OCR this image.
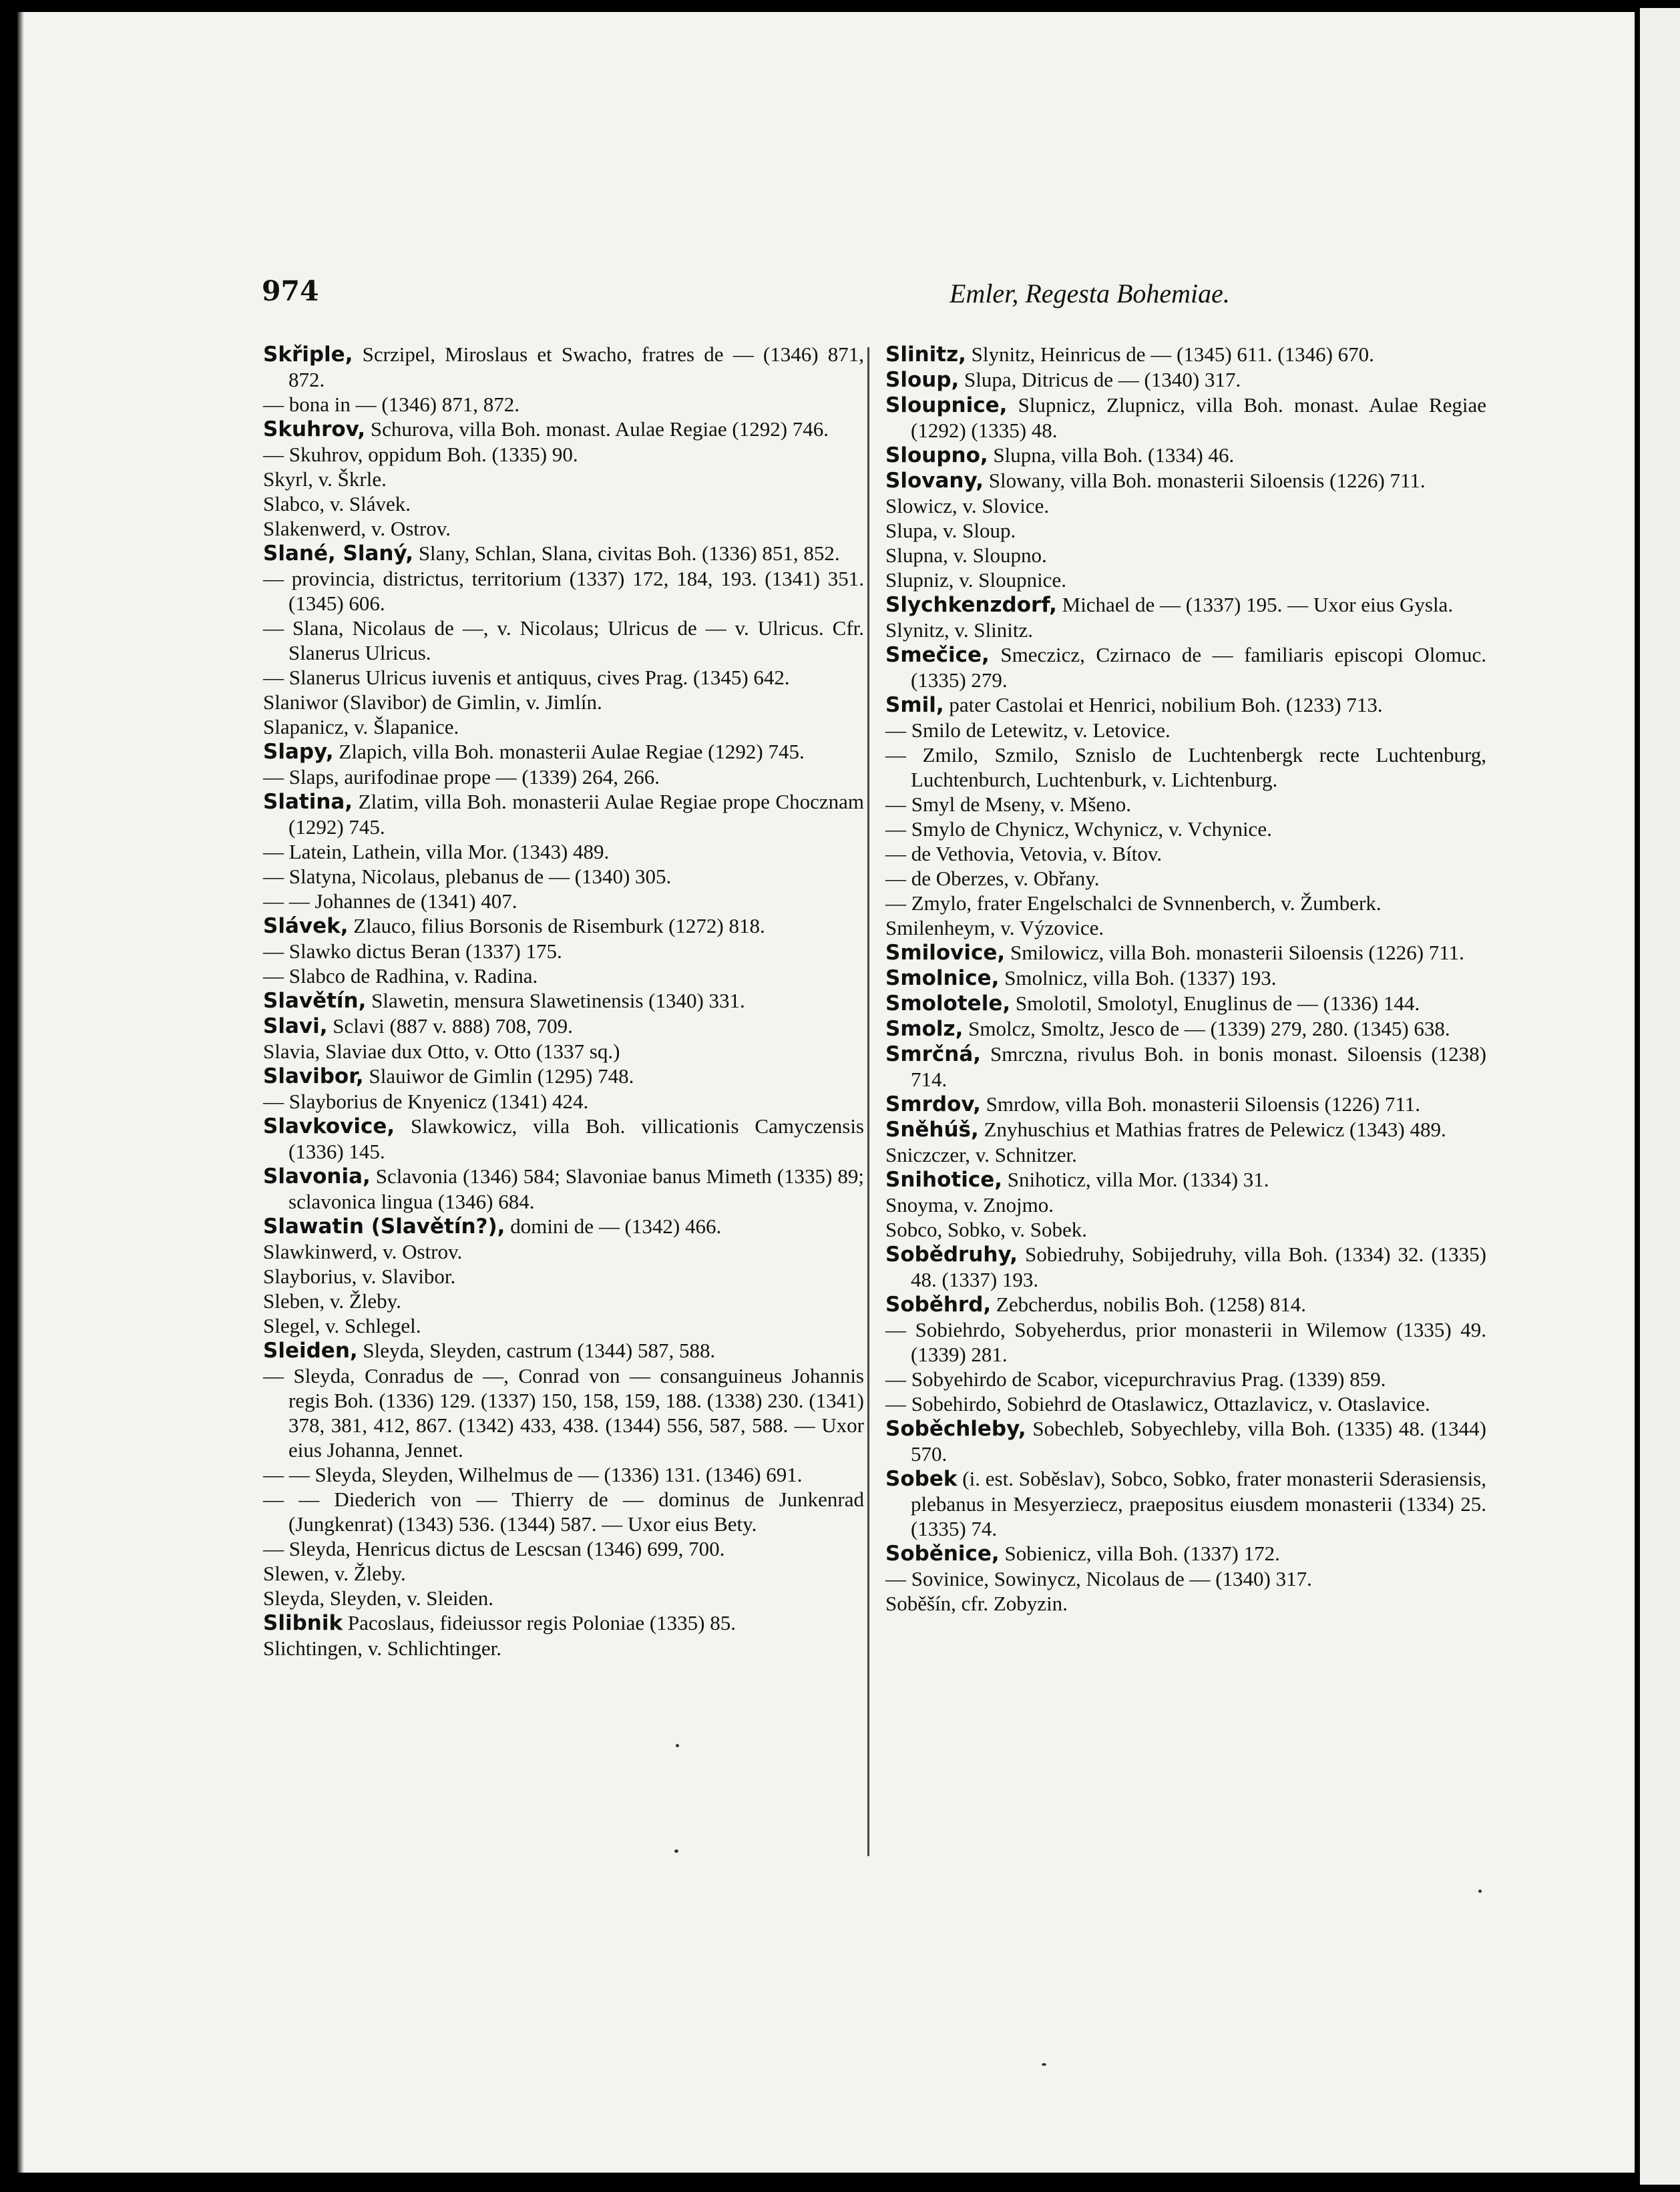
974	Emler, Regesta Bohemiae.
Skřiple, Scrzipel, Miroslaus et Swacho, fratres de — (1346) 871, 872.
— bona in — (1346) 871, 872.
Skuhrov, Schurova, villa Boh. monast. Aulae Regiae (1292) 746.
— Skuhrov, oppidum Boh. (1335) 90.
Skyrl, v. Škrle.
Slabco, v. Slávek.
Slakenwerd, v. Ostrov.
Slané, Slaný, Slany, Schlan, Slana, civitas Boh. (1336) 851, 852.
— provincia, districtus, territorium (1337) 172, 184, 193. (1341) 351. (1345) 606.
— Slana, Nicolaus de —, v. Nicolaus; Ulricus de — v. Ulricus. Cfr. Slanerus Ulricus.
— Slanerus Ulricus iuvenis et antiquus, cives Prag. (1345) 642.
Slaniwor (Slavibor) de Gimlin, v. Jimlín.
Slapanicz, v. Šlapanice.
Slapy, Zlapich, villa Boh. monasterii Aulae Regiae (1292) 745.
— Slaps, aurifodinae prope — (1339) 264, 266.
Slatina, Zlatim, villa Boh. monasterii Aulae Regiae prope Chocznam (1292) 745.
— Latein, Lathein, villa Mor. (1343) 489.
— Slatyna, Nicolaus, plebanus de — (1340) 305.
— — Johannes de (1341) 407.
Slávek, Zlauco, filius Borsonis de Risemburk (1272) 818.
— Slawko dictus Beran (1337) 175.
— Slabco de Radhina, v. Radina.
Slavětín, Slawetin, mensura Slawetinensis (1340) 331.
Slavi, Sclavi (887 v. 888) 708, 709.
Slavia, Slaviae dux Otto, v. Otto (1337 sq.)
Slavibor, Slauiwor de Gimlin (1295) 748.
— Slayborius de Knyenicz (1341) 424.
Slavkovice, Slawkowicz, villa Boh. villicationis Camyczensis (1336) 145.
Slavonia, Sclavonia (1346) 584; Slavoniae banus Mimeth (1335) 89; sclavonica lingua (1346) 684.
Slawatin (Slavětín?), domini de — (1342) 466.
Slawkinwerd, v. Ostrov.
Slayborius, v. Slavibor.
Sleben, v. Žleby.
Slegel, v. Schlegel.
Sleiden, Sleyda, Sleyden, castrum (1344) 587, 588.
— Sleyda, Conradus de —, Conrad von — consanguineus Johannis regis Boh. (1336) 129. (1337) 150, 158, 159, 188. (1338) 230. (1341) 378, 381, 412, 867. (1342) 433, 438. (1344) 556, 587, 588. — Uxor eius Johanna, Jennet.
— — Sleyda, Sleyden, Wilhelmus de — (1336) 131. (1346) 691.
— — Diederich von — Thierry de — dominus de Junkenrad (Jungkenrat) (1343) 536. (1344) 587. — Uxor eius Bety.
— Sleyda, Henricus dictus de Lescsan (1346) 699, 700.
Slewen, v. Žleby.
Sleyda, Sleyden, v. Sleiden.
Slibnik Pacoslaus, fideiussor regis Poloniae (1335) 85.
Slichtingen, v. Schlichtinger.
Slinitz, Slynitz, Heinricus de — (1345) 611. (1346) 670.
Sloup, Slupa, Ditricus de — (1340) 317.
Sloupnice, Slupnicz, Zlupnicz, villa Boh. monast. Aulae Regiae (1292) (1335) 48.
Sloupno, Slupna, villa Boh. (1334) 46.
Slovany, Slowany, villa Boh. monasterii Siloensis (1226) 711.
Slowicz, v. Slovice.
Slupa, v. Sloup.
Slupna, v. Sloupno.
Slupniz, v. Sloupnice.
Slychkenzdorf, Michael de — (1337) 195. — Uxor eius Gysla.
Slynitz, v. Slinitz.
Smečice, Smeczicz, Czirnaco de — familiaris episcopi Olomuc. (1335) 279.
Smil, pater Castolai et Henrici, nobilium Boh. (1233) 713.
— Smilo de Letewitz, v. Letovice.
— Zmilo, Szmilo, Sznislo de Luchtenbergk recte Luchtenburg, Luchtenburch, Luchtenburk, v. Lichtenburg.
— Smyl de Mseny, v. Mšeno.
— Smylo de Chynicz, Wchynicz, v. Vchynice.
— de Vethovia, Vetovia, v. Bítov.
— de Oberzes, v. Obřany.
— Zmylo, frater Engelschalci de Svnnenberch, v. Žumberk.
Smilenheym, v. Výzovice.
Smilovice, Smilowicz, villa Boh. monasterii Siloensis (1226) 711.
Smolnice, Smolnicz, villa Boh. (1337) 193.
Smolotele, Smolotil, Smolotyl, Enuglinus de — (1336) 144.
Smolz, Smolcz, Smoltz, Jesco de — (1339) 279, 280. (1345) 638.
Smrčná, Smrczna, rivulus Boh. in bonis monast. Siloensis (1238) 714.
Smrdov, Smrdow, villa Boh. monasterii Siloensis (1226) 711.
Sněhúš, Znyhuschius et Mathias fratres de Pelewicz (1343) 489.
Sniczczer, v. Schnitzer.
Snihotice, Snihoticz, villa Mor. (1334) 31.
Snoyma, v. Znojmo.
Sobco, Sobko, v. Sobek.
Sobědruhy, Sobiedruhy, Sobijedruhy, villa Boh. (1334) 32. (1335) 48. (1337) 193.
Soběhrd, Zebcherdus, nobilis Boh. (1258) 814.
— Sobiehrdo, Sobyeherdus, prior monasterii in Wilemow (1335) 49. (1339) 281.
— Sobyehirdo de Scabor, vicepurchravius Prag. (1339) 859.
— Sobehirdo, Sobiehrd de Otaslawicz, Ottazlavicz, v. Otaslavice.
Soběchleby, Sobechleb, Sobyechleby, villa Boh. (1335) 48. (1344) 570.
Sobek (i. est. Soběslav), Sobco, Sobko, frater monasterii Sderasiensis, plebanus in Mesyerziecz, praepositus eiusdem monasterii (1334) 25. (1335) 74.
Soběnice, Sobienicz, villa Boh. (1337) 172.
— Sovinice, Sowinycz, Nicolaus de — (1340) 317.
Soběšín, cfr. Zobyzin.
